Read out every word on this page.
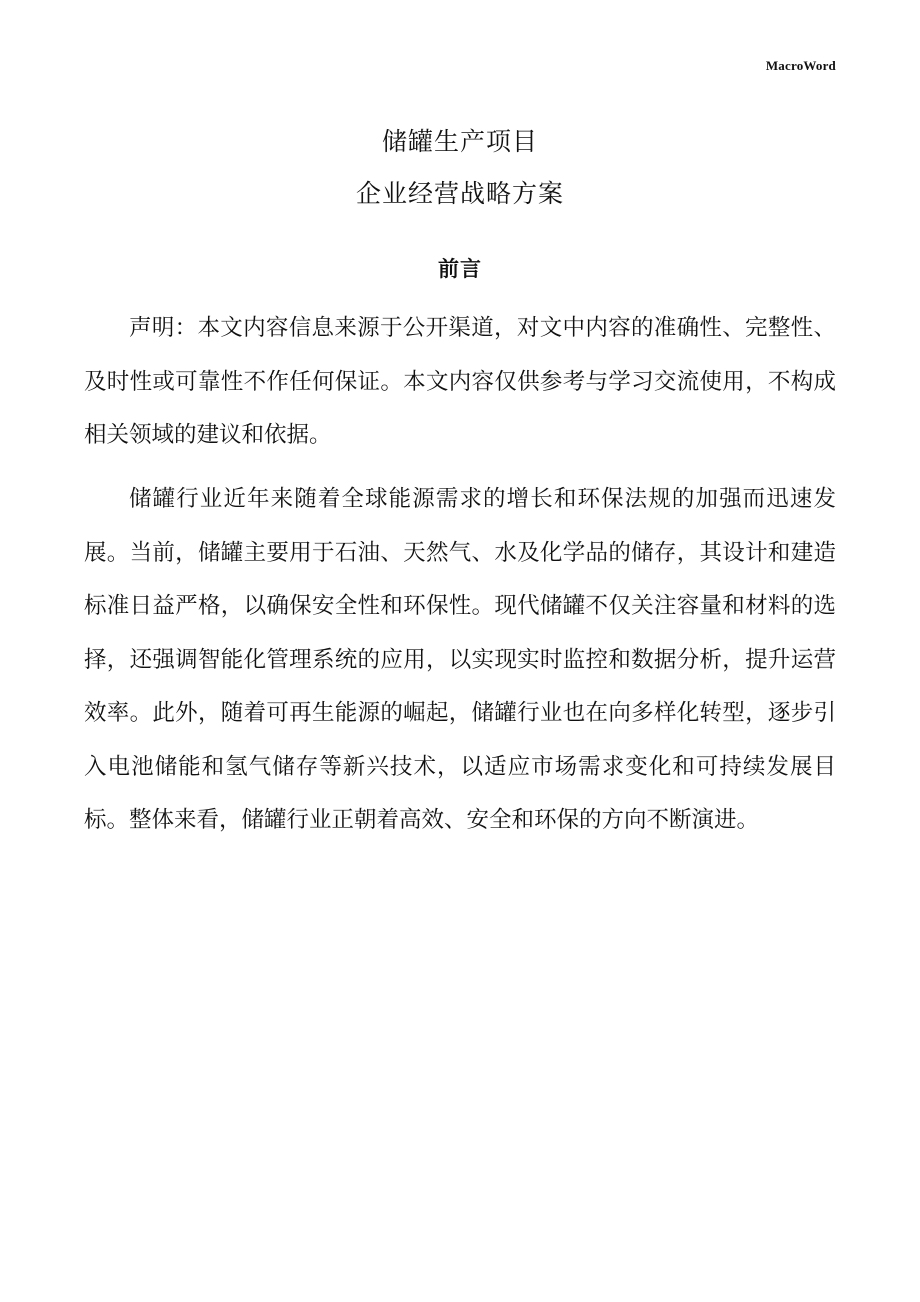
MacroWord
储罐生产项目
企业经营战略方案
前言

声明：本文内容信息来源于公开渠道，对文中内容的准确性、完整性、及时性或可靠性不作任何保证。本文内容仅供参考与学习交流使用，不构成相关领域的建议和依据。

储罐行业近年来随着全球能源需求的增长和环保法规的加强而迅速发展。当前，储罐主要用于石油、天然气、水及化学品的储存，其设计和建造标准日益严格，以确保安全性和环保性。现代储罐不仅关注容量和材料的选择，还强调智能化管理系统的应用，以实现实时监控和数据分析，提升运营效率。此外，随着可再生能源的崛起，储罐行业也在向多样化转型，逐步引入电池储能和氢气储存等新兴技术，以适应市场需求变化和可持续发展目标。整体来看，储罐行业正朝着高效、安全和环保的方向不断演进。
